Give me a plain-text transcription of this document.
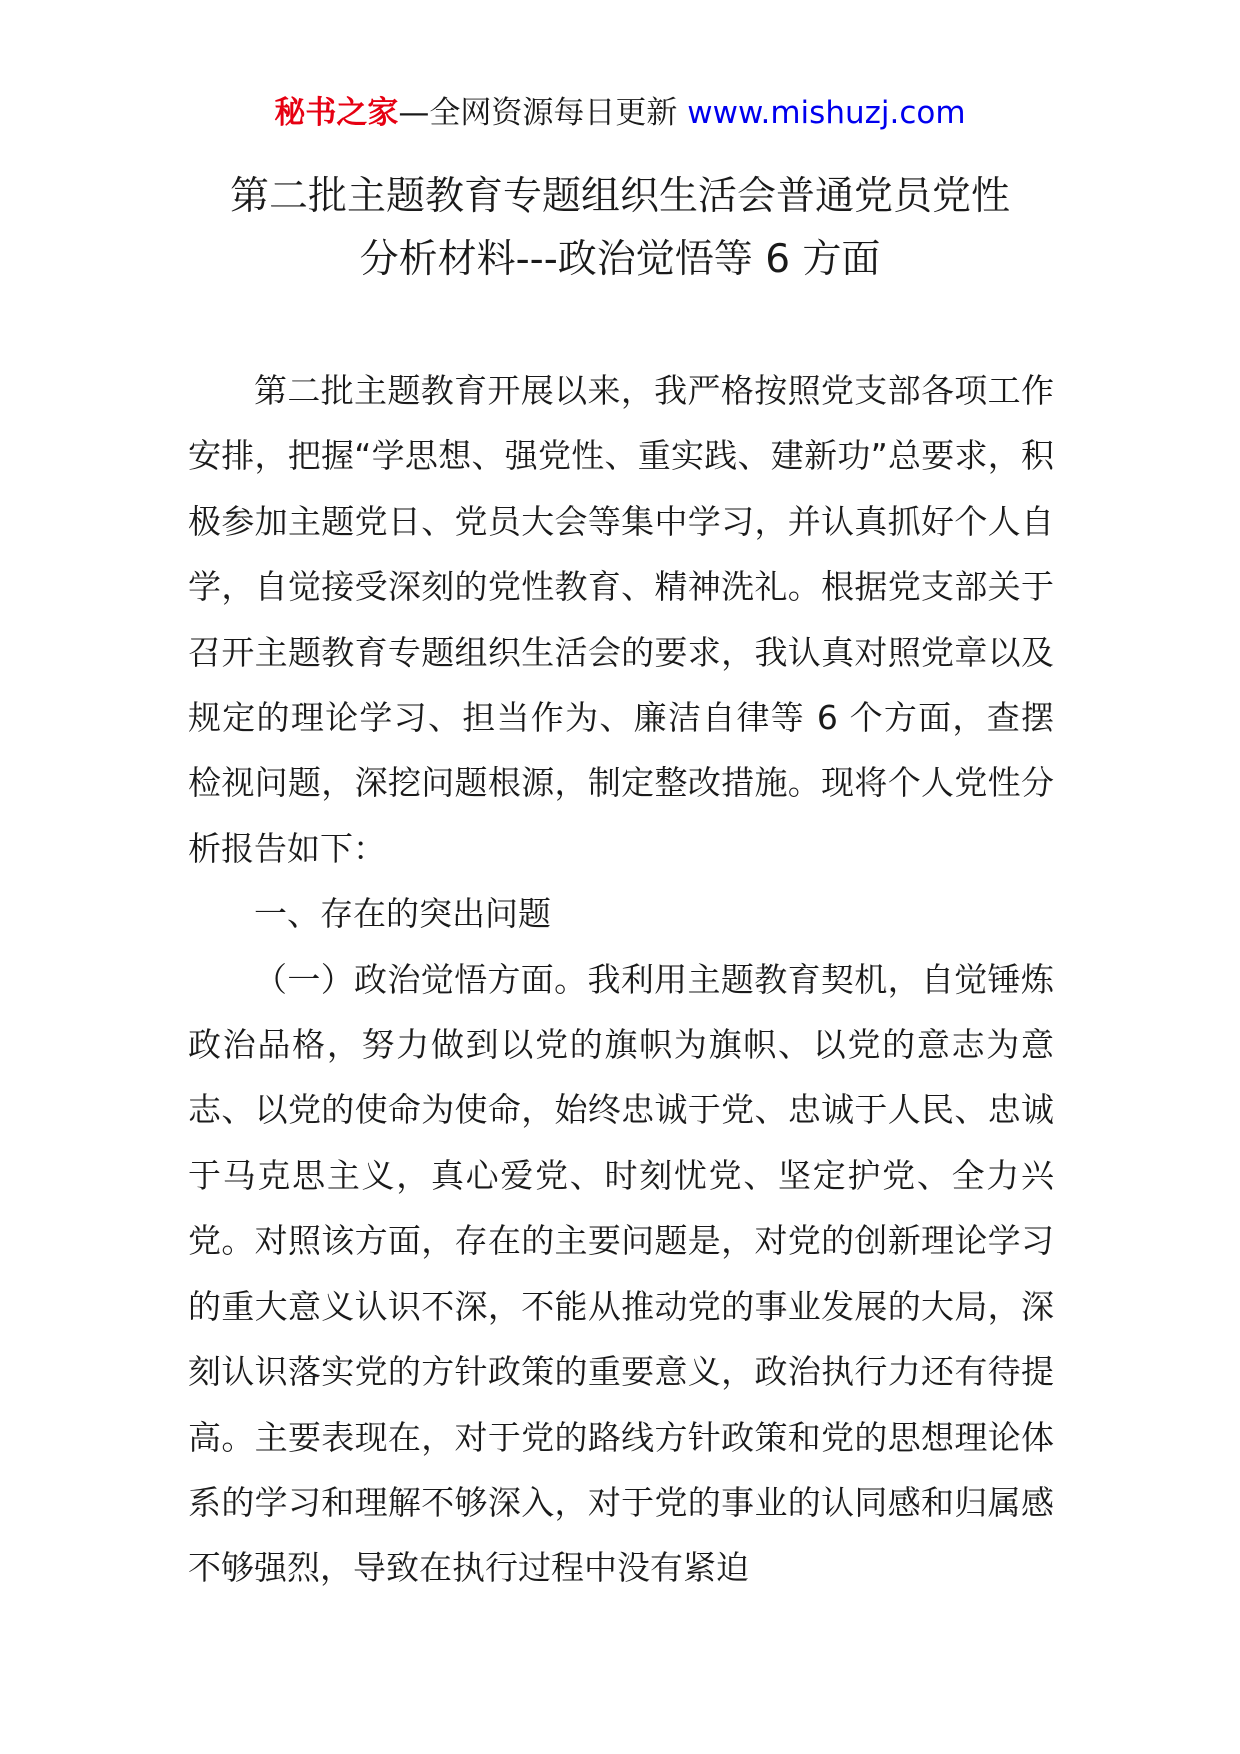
秘书之家—全网资源每日更新 www.mishuzj.com
第二批主题教育专题组织生活会普通党员党性
分析材料---政治觉悟等 6 方面

第二批主题教育开展以来，我严格按照党支部各项工作安排，把握“学思想、强党性、重实践、建新功”总要求，积极参加主题党日、党员大会等集中学习，并认真抓好个人自学，自觉接受深刻的党性教育、精神洗礼。根据党支部关于召开主题教育专题组织生活会的要求，我认真对照党章以及规定的理论学习、担当作为、廉洁自律等 6 个方面，查摆检视问题，深挖问题根源，制定整改措施。现将个人党性分析报告如下：

一、存在的突出问题

（一）政治觉悟方面。我利用主题教育契机，自觉锤炼政治品格，努力做到以党的旗帜为旗帜、以党的意志为意志、以党的使命为使命，始终忠诚于党、忠诚于人民、忠诚于马克思主义，真心爱党、时刻忧党、坚定护党、全力兴党。对照该方面，存在的主要问题是，对党的创新理论学习的重大意义认识不深，不能从推动党的事业发展的大局，深刻认识落实党的方针政策的重要意义，政治执行力还有待提高。主要表现在，对于党的路线方针政策和党的思想理论体系的学习和理解不够深入，对于党的事业的认同感和归属感不够强烈，导致在执行过程中没有紧迫
